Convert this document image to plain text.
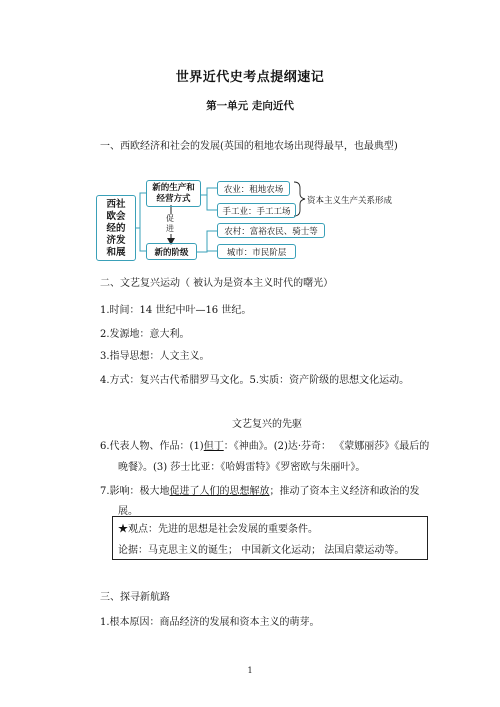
世界近代史考点提纲速记
第一单元 走向近代
一、西欧经济和社会的发展(英国的租地农场出现得最早，也最典型)
西社
欧会
经的
济发
和展
新的生产和
经营方式
促
进
新的阶级
农业：租地农场
手工业：手工工场
农村：富裕农民、骑士等
城市：市民阶层
资本主义生产关系形成
二、文艺复兴运动（ 被认为是资本主义时代的曙光）
1.时间：14 世纪中叶—16 世纪。
2.发源地：意大利。
3.指导思想：人文主义。
4.方式：复兴古代希腊罗马文化。5.实质：资产阶级的思想文化运动。
文艺复兴的先驱
6.代表人物、作品：(1)但丁：《神曲》。(2)达·芬奇： 《蒙娜丽莎》《最后的
晚餐》。(3) 莎士比亚：《哈姆雷特》《罗密欧与朱丽叶》。
7.影响：极大地促进了人们的思想解放；推动了资本主义经济和政治的发
展。
★观点：先进的思想是社会发展的重要条件。
论据：马克思主义的诞生； 中国新文化运动； 法国启蒙运动等。
三、探寻新航路
1.根本原因：商品经济的发展和资本主义的萌芽。
1
